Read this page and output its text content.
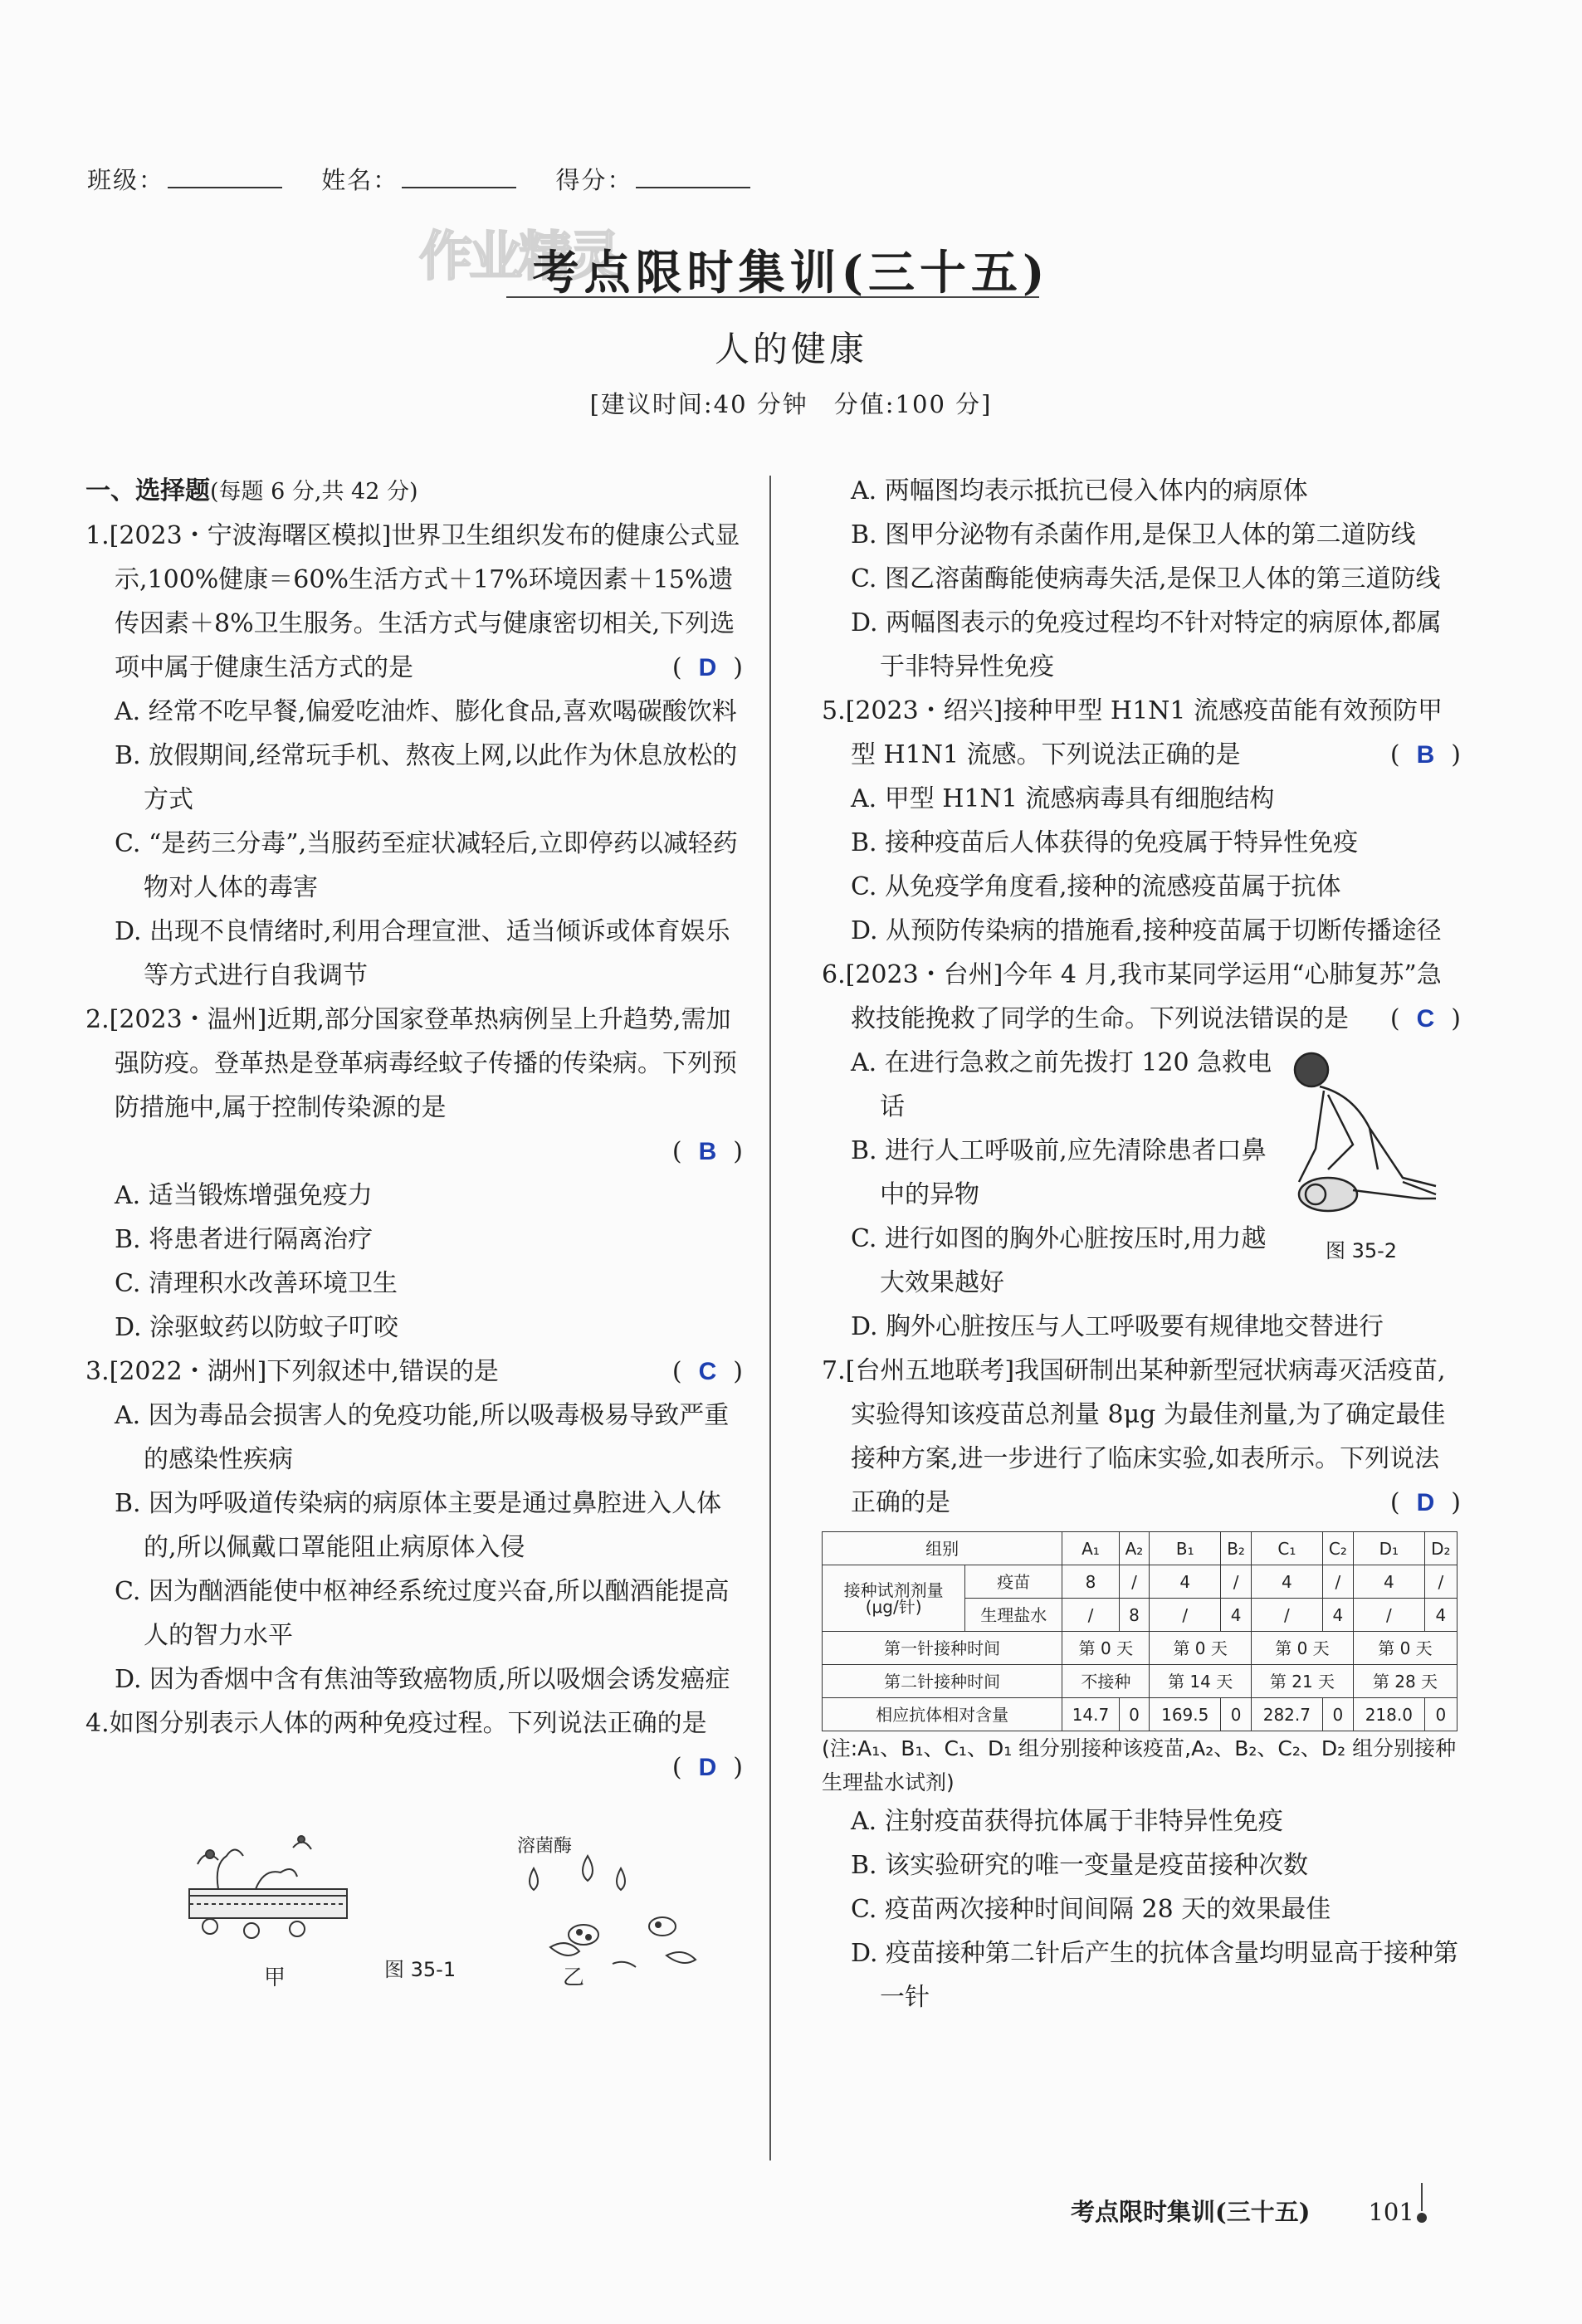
班级：	姓名：	得分：
作业精灵
考点限时集训(三十五)
人的健康
[建议时间:40 分钟　分值:100 分]
一、选择题(每题 6 分,共 42 分)
1.[2023・宁波海曙区模拟]世界卫生组织发布的健康公式显示,100%健康＝60%生活方式＋17%环境因素＋15%遗传因素＋8%卫生服务。生活方式与健康密切相关,下列选项中属于健康生活方式的是	( D )
A. 经常不吃早餐,偏爱吃油炸、膨化食品,喜欢喝碳酸饮料
B. 放假期间,经常玩手机、熬夜上网,以此作为休息放松的方式
C. “是药三分毒”,当服药至症状减轻后,立即停药以减轻药物对人体的毒害
D. 出现不良情绪时,利用合理宣泄、适当倾诉或体育娱乐等方式进行自我调节
2.[2023・温州]近期,部分国家登革热病例呈上升趋势,需加强防疫。登革热是登革病毒经蚊子传播的传染病。下列预防措施中,属于控制传染源的是
( B )
A. 适当锻炼增强免疫力
B. 将患者进行隔离治疗
C. 清理积水改善环境卫生
D. 涂驱蚊药以防蚊子叮咬
3.[2022・湖州]下列叙述中,错误的是	( C )
A. 因为毒品会损害人的免疫功能,所以吸毒极易导致严重的感染性疾病
B. 因为呼吸道传染病的病原体主要是通过鼻腔进入人体的,所以佩戴口罩能阻止病原体入侵
C. 因为酗酒能使中枢神经系统过度兴奋,所以酗酒能提高人的智力水平
D. 因为香烟中含有焦油等致癌物质,所以吸烟会诱发癌症
4.如图分别表示人体的两种免疫过程。下列说法正确的是
( D )
甲
溶菌酶
乙
图 35-1
A. 两幅图均表示抵抗已侵入体内的病原体
B. 图甲分泌物有杀菌作用,是保卫人体的第二道防线
C. 图乙溶菌酶能使病毒失活,是保卫人体的第三道防线
D. 两幅图表示的免疫过程均不针对特定的病原体,都属于非特异性免疫
5.[2023・绍兴]接种甲型 H1N1 流感疫苗能有效预防甲型 H1N1 流感。下列说法正确的是	( B )
A. 甲型 H1N1 流感病毒具有细胞结构
B. 接种疫苗后人体获得的免疫属于特异性免疫
C. 从免疫学角度看,接种的流感疫苗属于抗体
D. 从预防传染病的措施看,接种疫苗属于切断传播途径
6.[2023・台州]今年 4 月,我市某同学运用“心肺复苏”急救技能挽救了同学的生命。下列说法错误的是 ( C )
A. 在进行急救之前先拨打 120 急救电话
B. 进行人工呼吸前,应先清除患者口鼻中的异物
C. 进行如图的胸外心脏按压时,用力越大效果越好
D. 胸外心脏按压与人工呼吸要有规律地交替进行
图 35-2
7.[台州五地联考]我国研制出某种新型冠状病毒灭活疫苗,实验得知该疫苗总剂量 8μg 为最佳剂量,为了确定最佳接种方案,进一步进行了临床实验,如表所示。下列说法正确的是	( D )
组别		A₁	A₂	B₁	B₂	C₁	C₂	D₁	D₂
接种试剂剂量
(μg/针)	疫苗	8	/	4	/	4	/	4	/
	生理盐水	/	8	/	4	/	4	/	4
第一针接种时间		第 0 天		第 0 天		第 0 天		第 0 天	
第二针接种时间		不接种		第 14 天		第 21 天		第 28 天	
相应抗体相对含量		14.7	0	169.5	0	282.7	0	218.0	0
(注:A₁、B₁、C₁、D₁ 组分别接种该疫苗,A₂、B₂、C₂、D₂ 组分别接种生理盐水试剂)
A. 注射疫苗获得抗体属于非特异性免疫
B. 该实验研究的唯一变量是疫苗接种次数
C. 疫苗两次接种时间间隔 28 天的效果最佳
D. 疫苗接种第二针后产生的抗体含量均明显高于接种第一针
考点限时集训(三十五) 101
